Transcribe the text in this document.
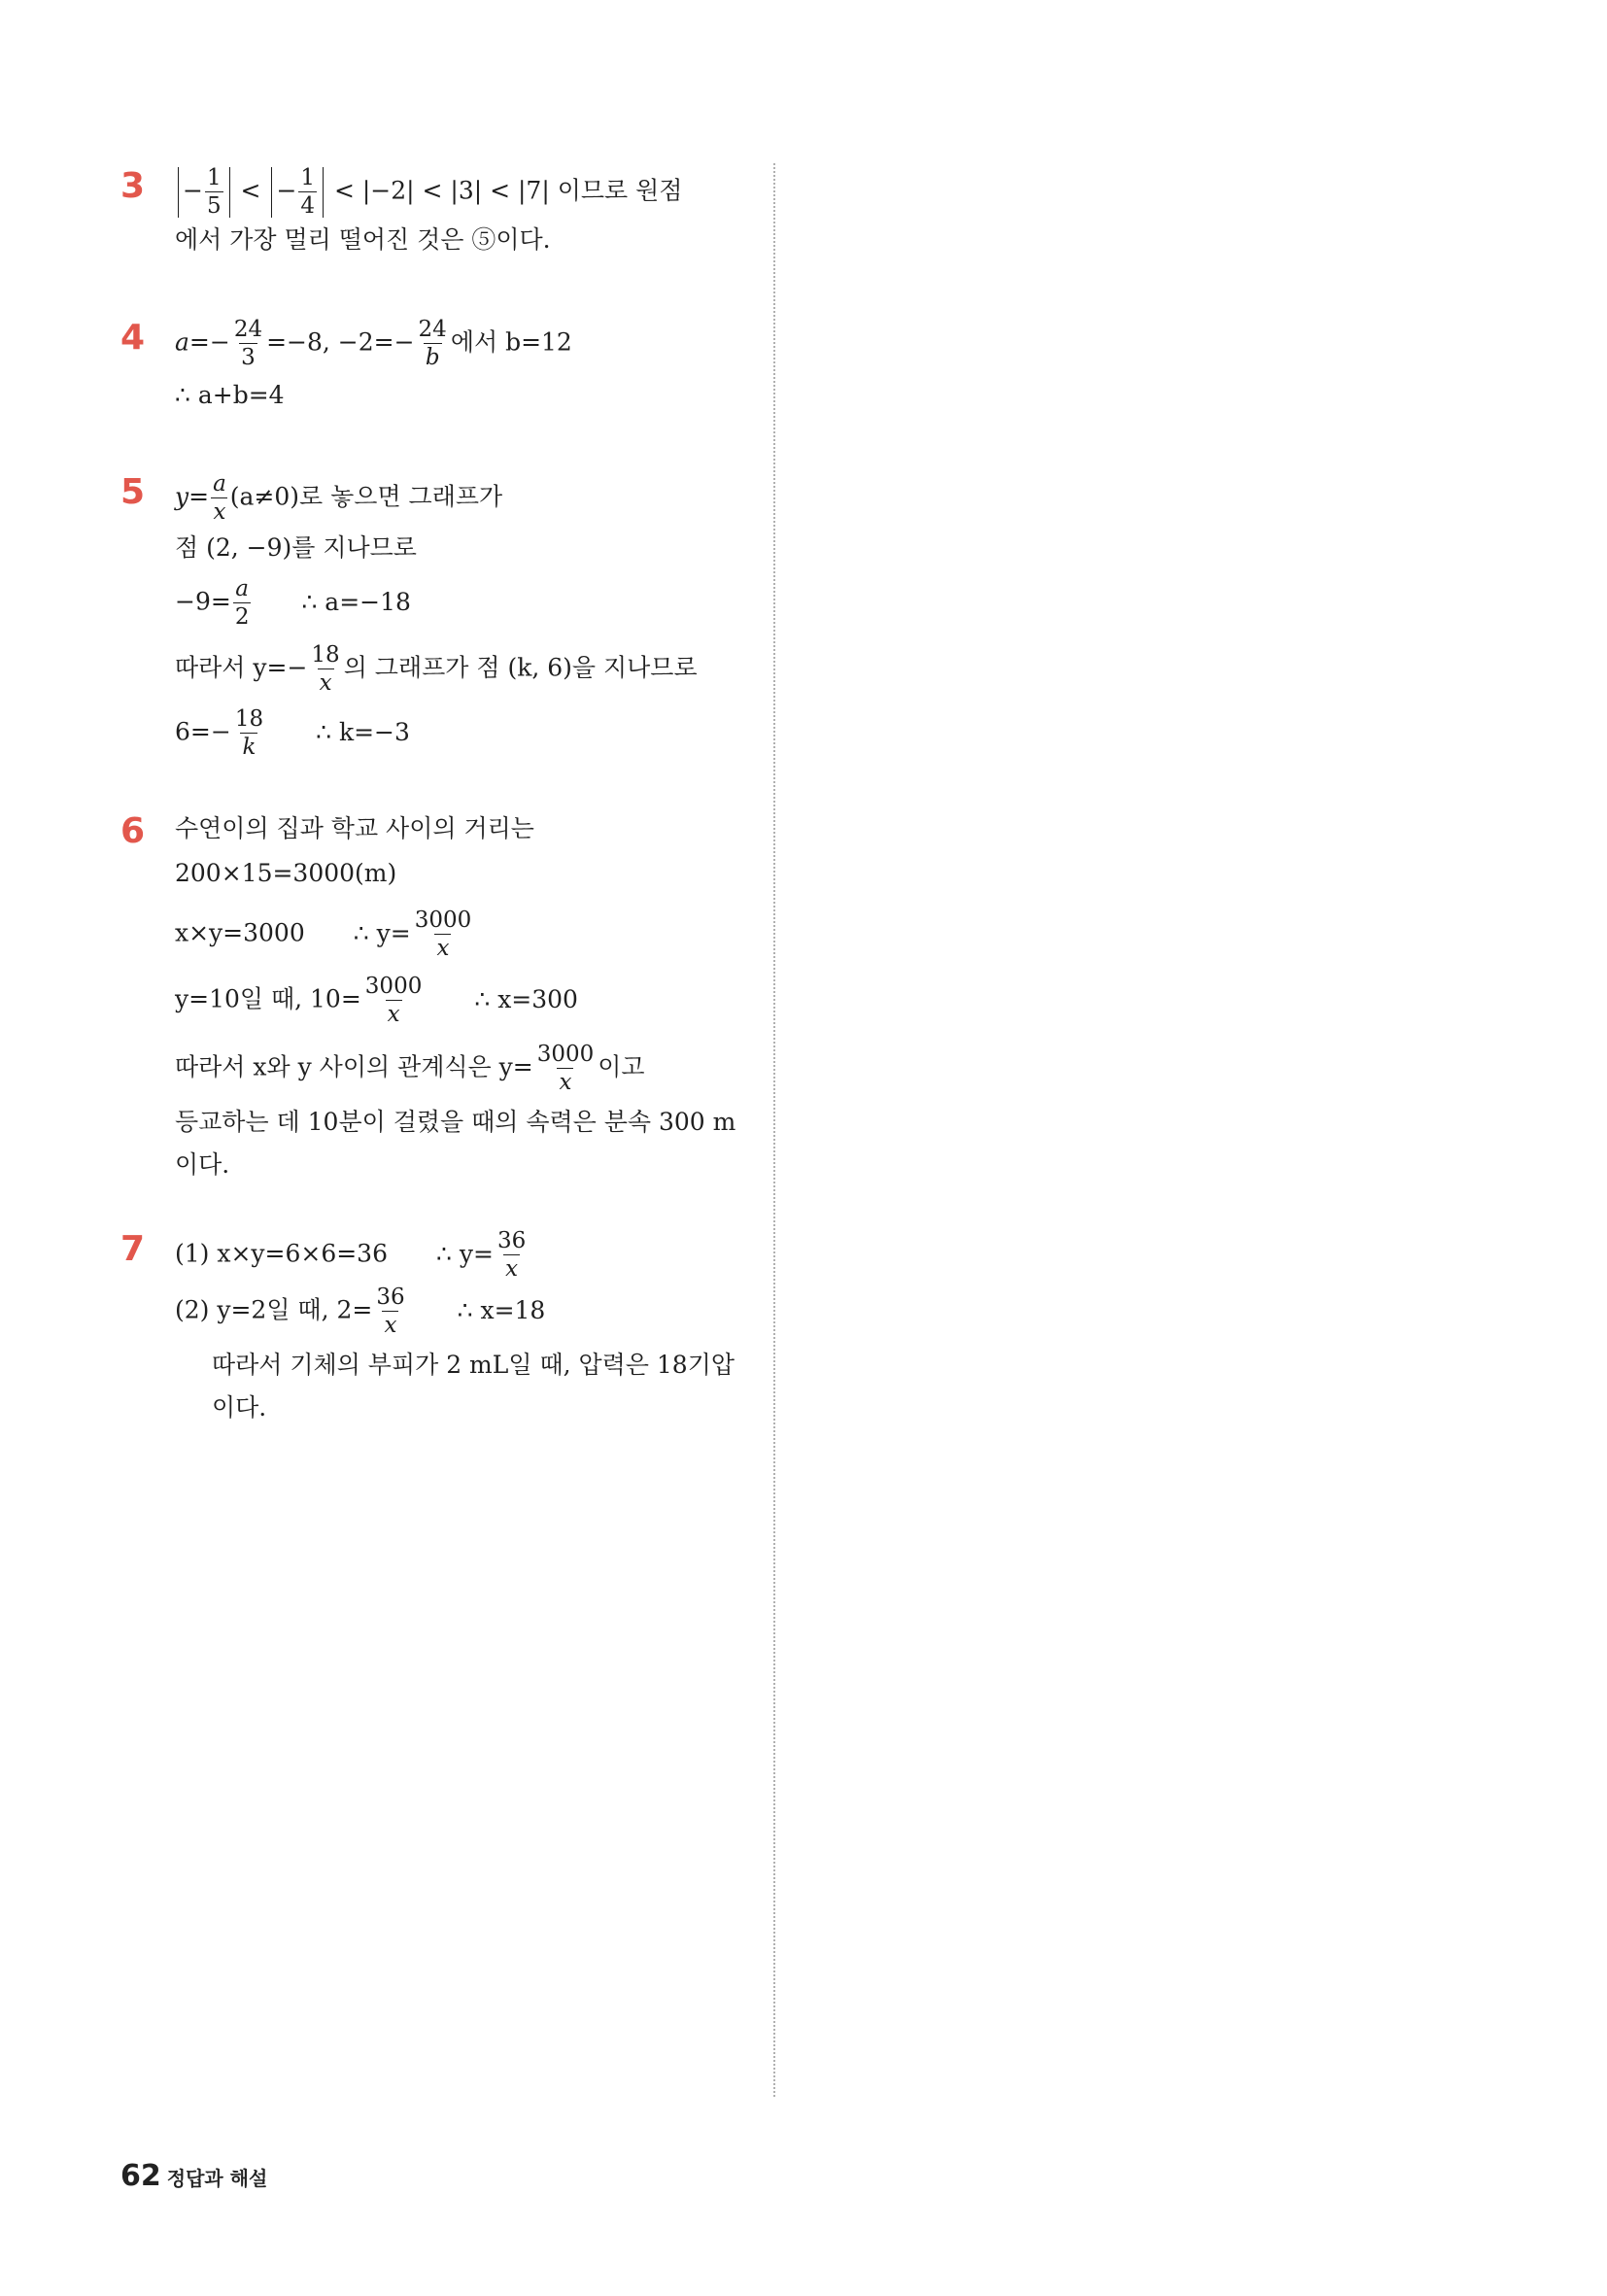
3	− $\frac{1}{5}$ < − $\frac{1}{4} < |-2| < |3| < |7|$ 이므로 원점
에서 가장 멀리 떨어진 것은 ⑤이다.
4 $a=- \frac{24}{3} =-8$, $-2=- \frac{24}{b}$ 에서 b=12
∴ a+b=4
5 $y= \frac{a}{x} (a\ne 0)$로 놓으면 그래프가
점 (2, −9)를 지나므로
$-9= \frac{a}{2}$ ∴ a=−18
따라서 $y=- \frac{18}{x}$ 의 그래프가 점 (k, 6)을 지나므로
$6=- \frac{18}{k}$ ∴ k=−3
6 수연이의 집과 학교 사이의 거리는
200×15=3000(m)
x×y=3000 ∴ $y= \frac{3000}{x}$
y=10일 때, $10= \frac{3000}{x}$ ∴ x=300
따라서 x와 y 사이의 관계식은 $y= \frac{3000}{x}$ 이고
등교하는 데 10분이 걸렸을 때의 속력은 분속 300 m
이다.
7 (1) x×y=6×6=36 ∴ $y= \frac{36}{x}$
(2) y=2일 때, $2= \frac{36}{x}$ ∴ x=18
따라서 기체의 부피가 2 mL일 때, 압력은 18기압
이다.
62 정답과 해설
